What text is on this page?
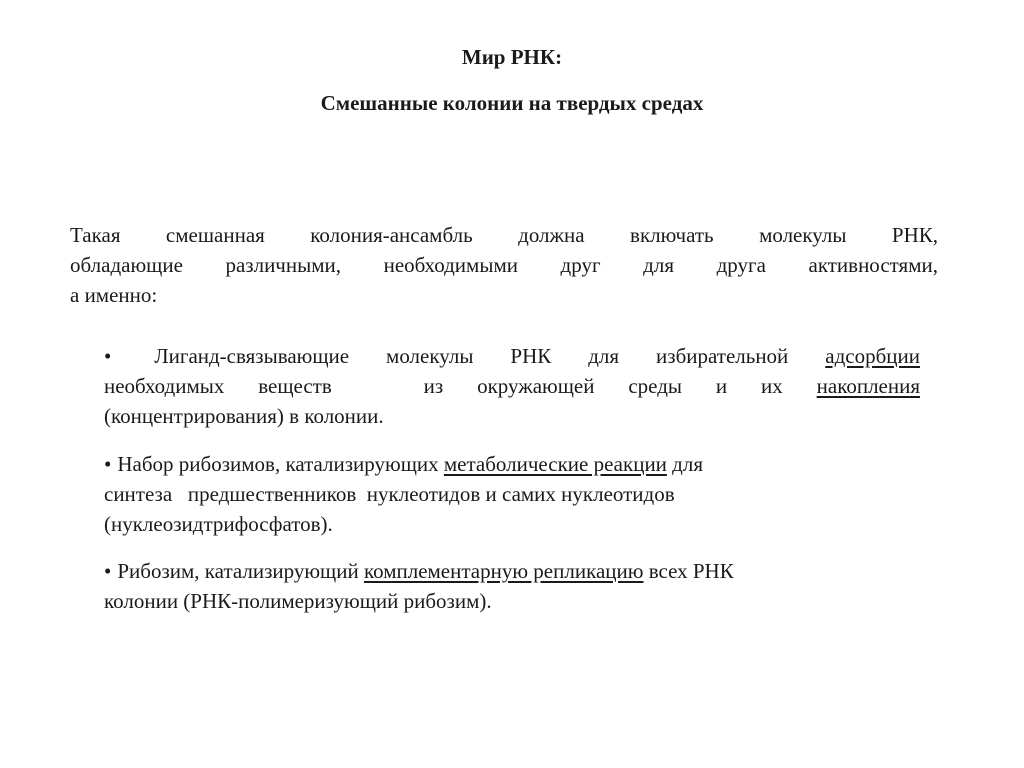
Мир РНК:

Смешанные колонии на твердых средах

Такая смешанная колония-ансамбль должна включать молекулы РНК,
обладающие различными, необходимыми друг для друга активностями,
а именно:
• Лиганд-связывающие молекулы РНК для избирательной адсорбции
необходимых веществ	из окружающей среды и их накопления
(концентрирования) в колонии.
• Набор рибозимов, катализирующих метаболические реакции для
синтеза   предшественников  нуклеотидов и самих нуклеотидов
(нуклеозидтрифосфатов).
• Рибозим, катализирующий комплементарную репликацию всех РНК
колонии (РНК-полимеризующий рибозим).
